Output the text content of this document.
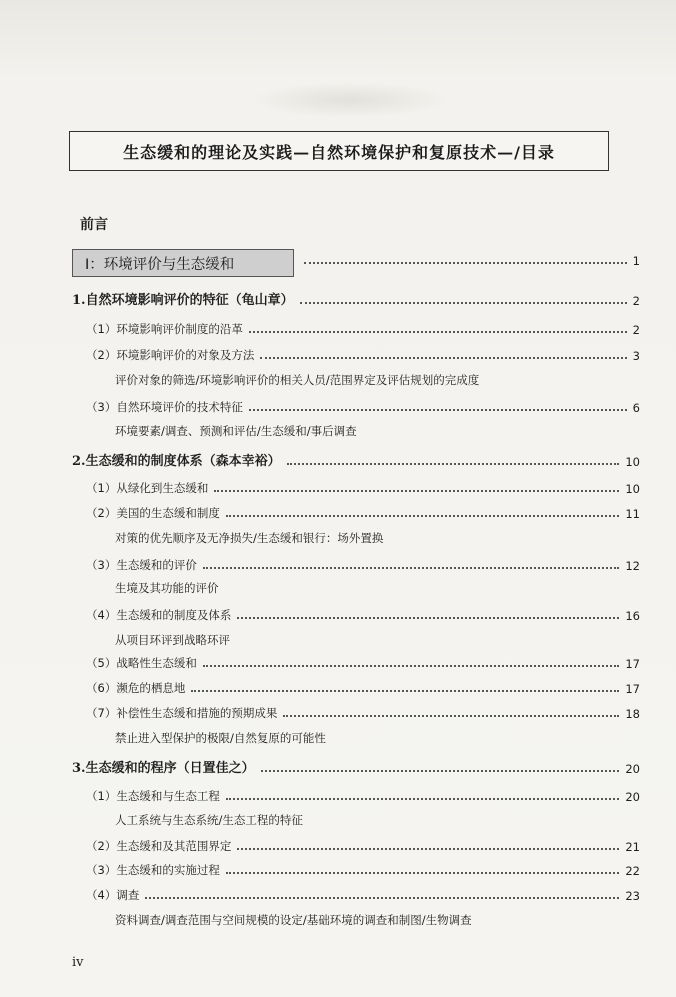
生态缓和的理论及实践—自然环境保护和复原技术—/目录
前言
Ⅰ：环境评价与生态缓和	1
1.自然环境影响评价的特征（龟山章）	2
（1）环境影响评价制度的沿革	2
（2）环境影响评价的对象及方法	3
评价对象的筛选/环境影响评价的相关人员/范围界定及评估规划的完成度
（3）自然环境评价的技术特征	6
环境要素/调查、预测和评估/生态缓和/事后调查
2.生态缓和的制度体系（森本幸裕）	10
（1）从绿化到生态缓和	10
（2）美国的生态缓和制度	11
对策的优先顺序及无净损失/生态缓和银行：场外置换
（3）生态缓和的评价	12
生境及其功能的评价
（4）生态缓和的制度及体系	16
从项目环评到战略环评
（5）战略性生态缓和	17
（6）濒危的栖息地	17
（7）补偿性生态缓和措施的预期成果	18
禁止进入型保护的极限/自然复原的可能性
3.生态缓和的程序（日置佳之）	20
（1）生态缓和与生态工程	20
人工系统与生态系统/生态工程的特征
（2）生态缓和及其范围界定	21
（3）生态缓和的实施过程	22
（4）调查	23
资料调查/调查范围与空间规模的设定/基础环境的调查和制图/生物调查
iv
